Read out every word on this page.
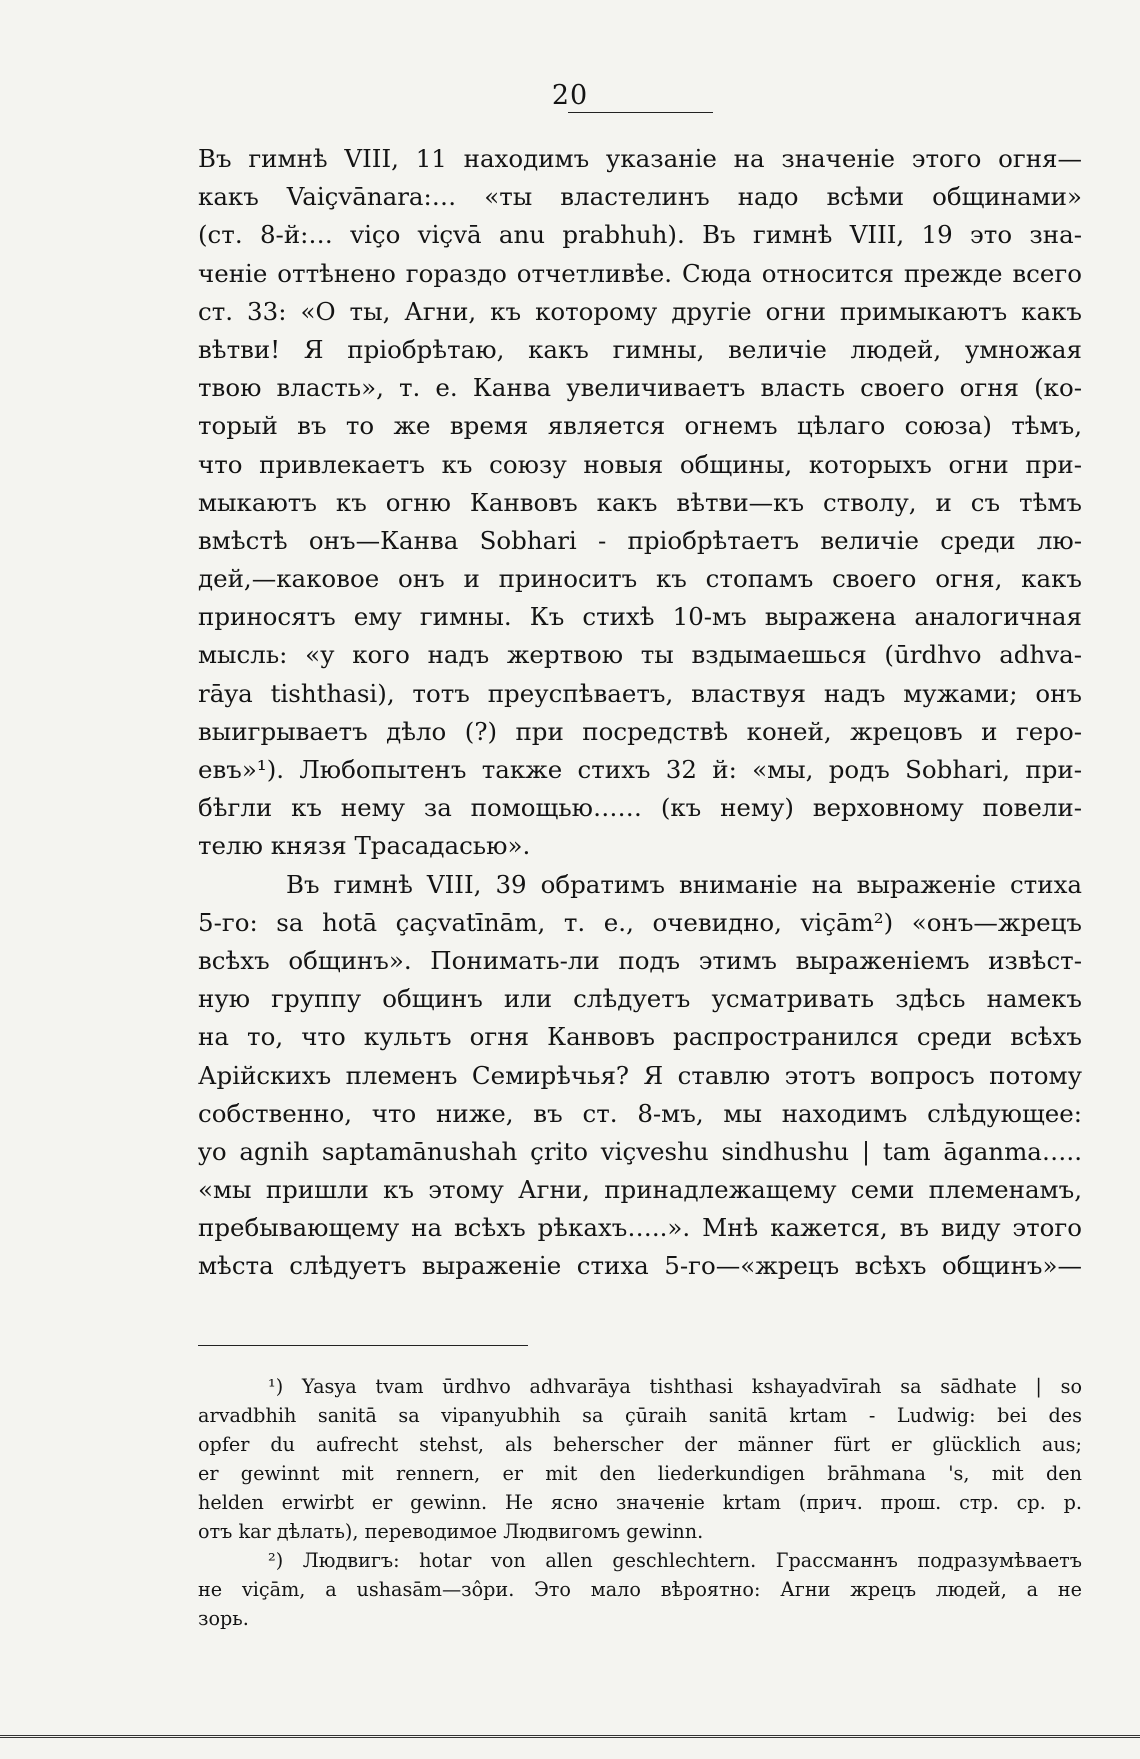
20
Въ гимнѣ VIII, 11 находимъ указаніе на значеніе этого огня—
какъ Vaiçvānara:… «ты властелинъ надо всѣми общинами»
(ст. 8-й:… viço viçvā anu prabhuh). Въ гимнѣ VIII, 19 это зна-
ченіе оттѣнено гораздо отчетливѣе. Сюда относится прежде всего
ст. 33: «О ты, Агни, къ которому другіе огни примыкаютъ какъ
вѣтви! Я пріобрѣтаю, какъ гимны, величіе людей, умножая
твою власть», т. е. Канва увеличиваетъ власть своего огня (ко-
торый въ то же время является огнемъ цѣлаго союза) тѣмъ,
что привлекаетъ къ союзу новыя общины, которыхъ огни при-
мыкаютъ къ огню Канвовъ какъ вѣтви—къ стволу, и съ тѣмъ
вмѣстѣ онъ—Канва Sobhari - пріобрѣтаетъ величіе среди лю-
дей,—каковое онъ и приноситъ къ стопамъ своего огня, какъ
приносятъ ему гимны. Къ стихѣ 10-мъ выражена аналогичная
мысль: «у кого надъ жертвою ты вздымаешься (ūrdhvo adhva-
rāya tishthasi), тотъ преуспѣваетъ, властвуя надъ мужами; онъ
выигрываетъ дѣло (?) при посредствѣ коней, жрецовъ и геро-
евъ»¹). Любопытенъ также стихъ 32 й: «мы, родъ Sobhari, при-
бѣгли къ нему за помощью…… (къ нему) верховному повели-
телю князя Трасадасью».
Въ гимнѣ VIII, 39 обратимъ вниманіе на выраженіе стиха
5-го: sa hotā çaçvatīnām, т. е., очевидно, viçām²) «онъ—жрецъ
всѣхъ общинъ». Понимать-ли подъ этимъ выраженіемъ извѣст-
ную группу общинъ или слѣдуетъ усматривать здѣсь намекъ
на то, что культъ огня Канвовъ распространился среди всѣхъ
Арійскихъ племенъ Семирѣчья? Я ставлю этотъ вопросъ потому
собственно, что ниже, въ ст. 8-мъ, мы находимъ слѣдующее:
yo agnih saptamānushah çrito viçveshu sindhushu | tam āganma…..
«мы пришли къ этому Агни, принадлежащему семи племенамъ,
пребывающему на всѣхъ рѣкахъ…..». Мнѣ кажется, въ виду этого
мѣста слѣдуетъ выраженіе стиха 5-го—«жрецъ всѣхъ общинъ»—
¹) Yasya tvam ūrdhvo adhvarāya tishthasi kshayadvīrah sa sādhate | so
arvadbhih sanitā sa vipanyubhih sa çūraih sanitā krtam - Ludwig: bei des
opfer du aufrecht stehst, als beherscher der männer fürt er glücklich aus;
er gewinnt mit rennern, er mit den liederkundigen brāhmana 's, mit den
helden erwirbt er gewinn. Не ясно значеніе krtam (прич. прош. стр. ср. р.
отъ kar дѣлать), переводимое Людвигомъ gewinn.
²) Людвигъ: hotar von allen geschlechtern. Грассманнъ подразумѣваетъ
не viçām, а ushasām—зôри. Это мало вѣроятно: Агни жрецъ людей, а не
зорь.
